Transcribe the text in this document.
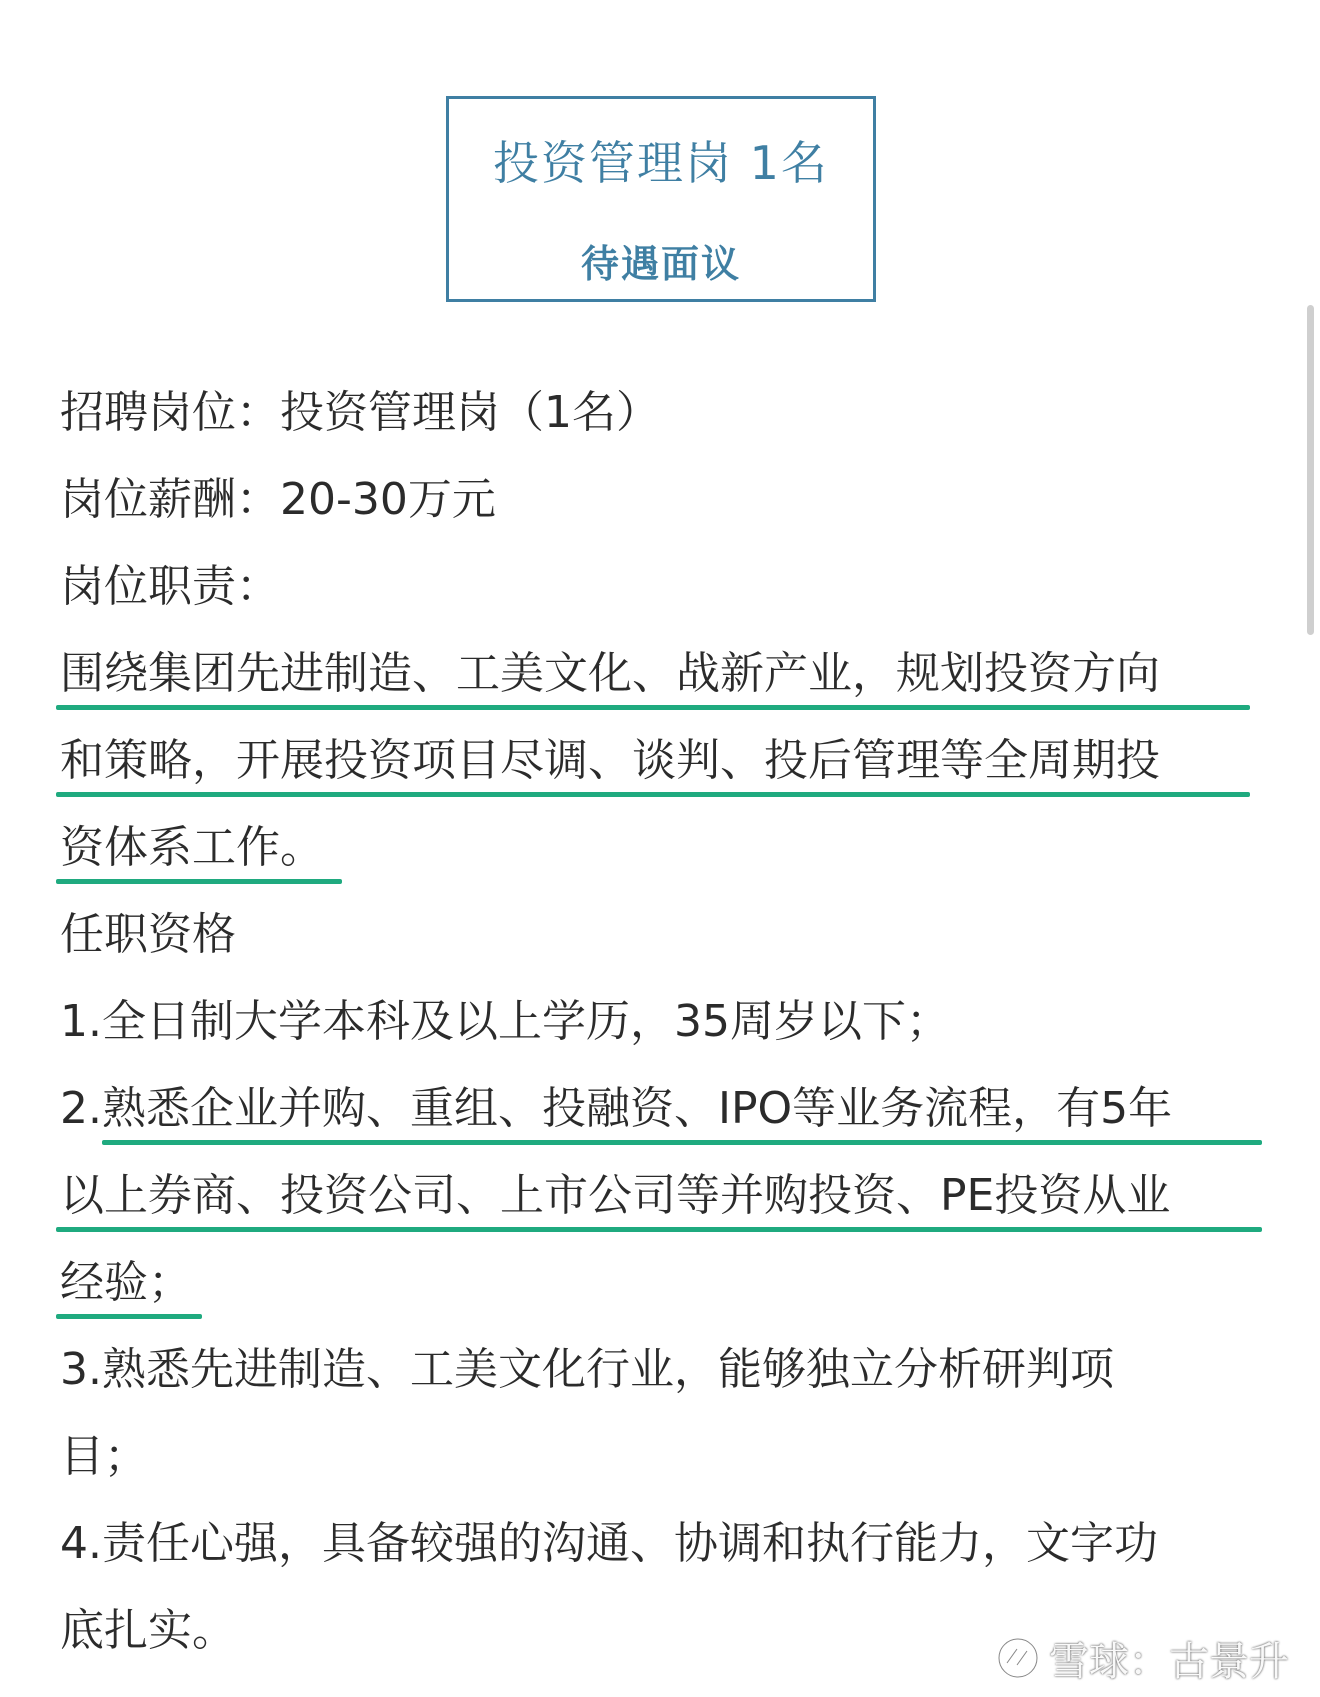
投资管理岗 1名
待遇面议
招聘岗位：投资管理岗（1名）
岗位薪酬：20-30万元
岗位职责：
围绕集团先进制造、工美文化、战新产业，规划投资方向
和策略，开展投资项目尽调、谈判、投后管理等全周期投
资体系工作。
任职资格
1.全日制大学本科及以上学历，35周岁以下；
2.熟悉企业并购、重组、投融资、IPO等业务流程，有5年
以上券商、投资公司、上市公司等并购投资、PE投资从业
经验；
3.熟悉先进制造、工美文化行业，能够独立分析研判项
目；
4.责任心强，具备较强的沟通、协调和执行能力，文字功
底扎实。
雪球：古景升
